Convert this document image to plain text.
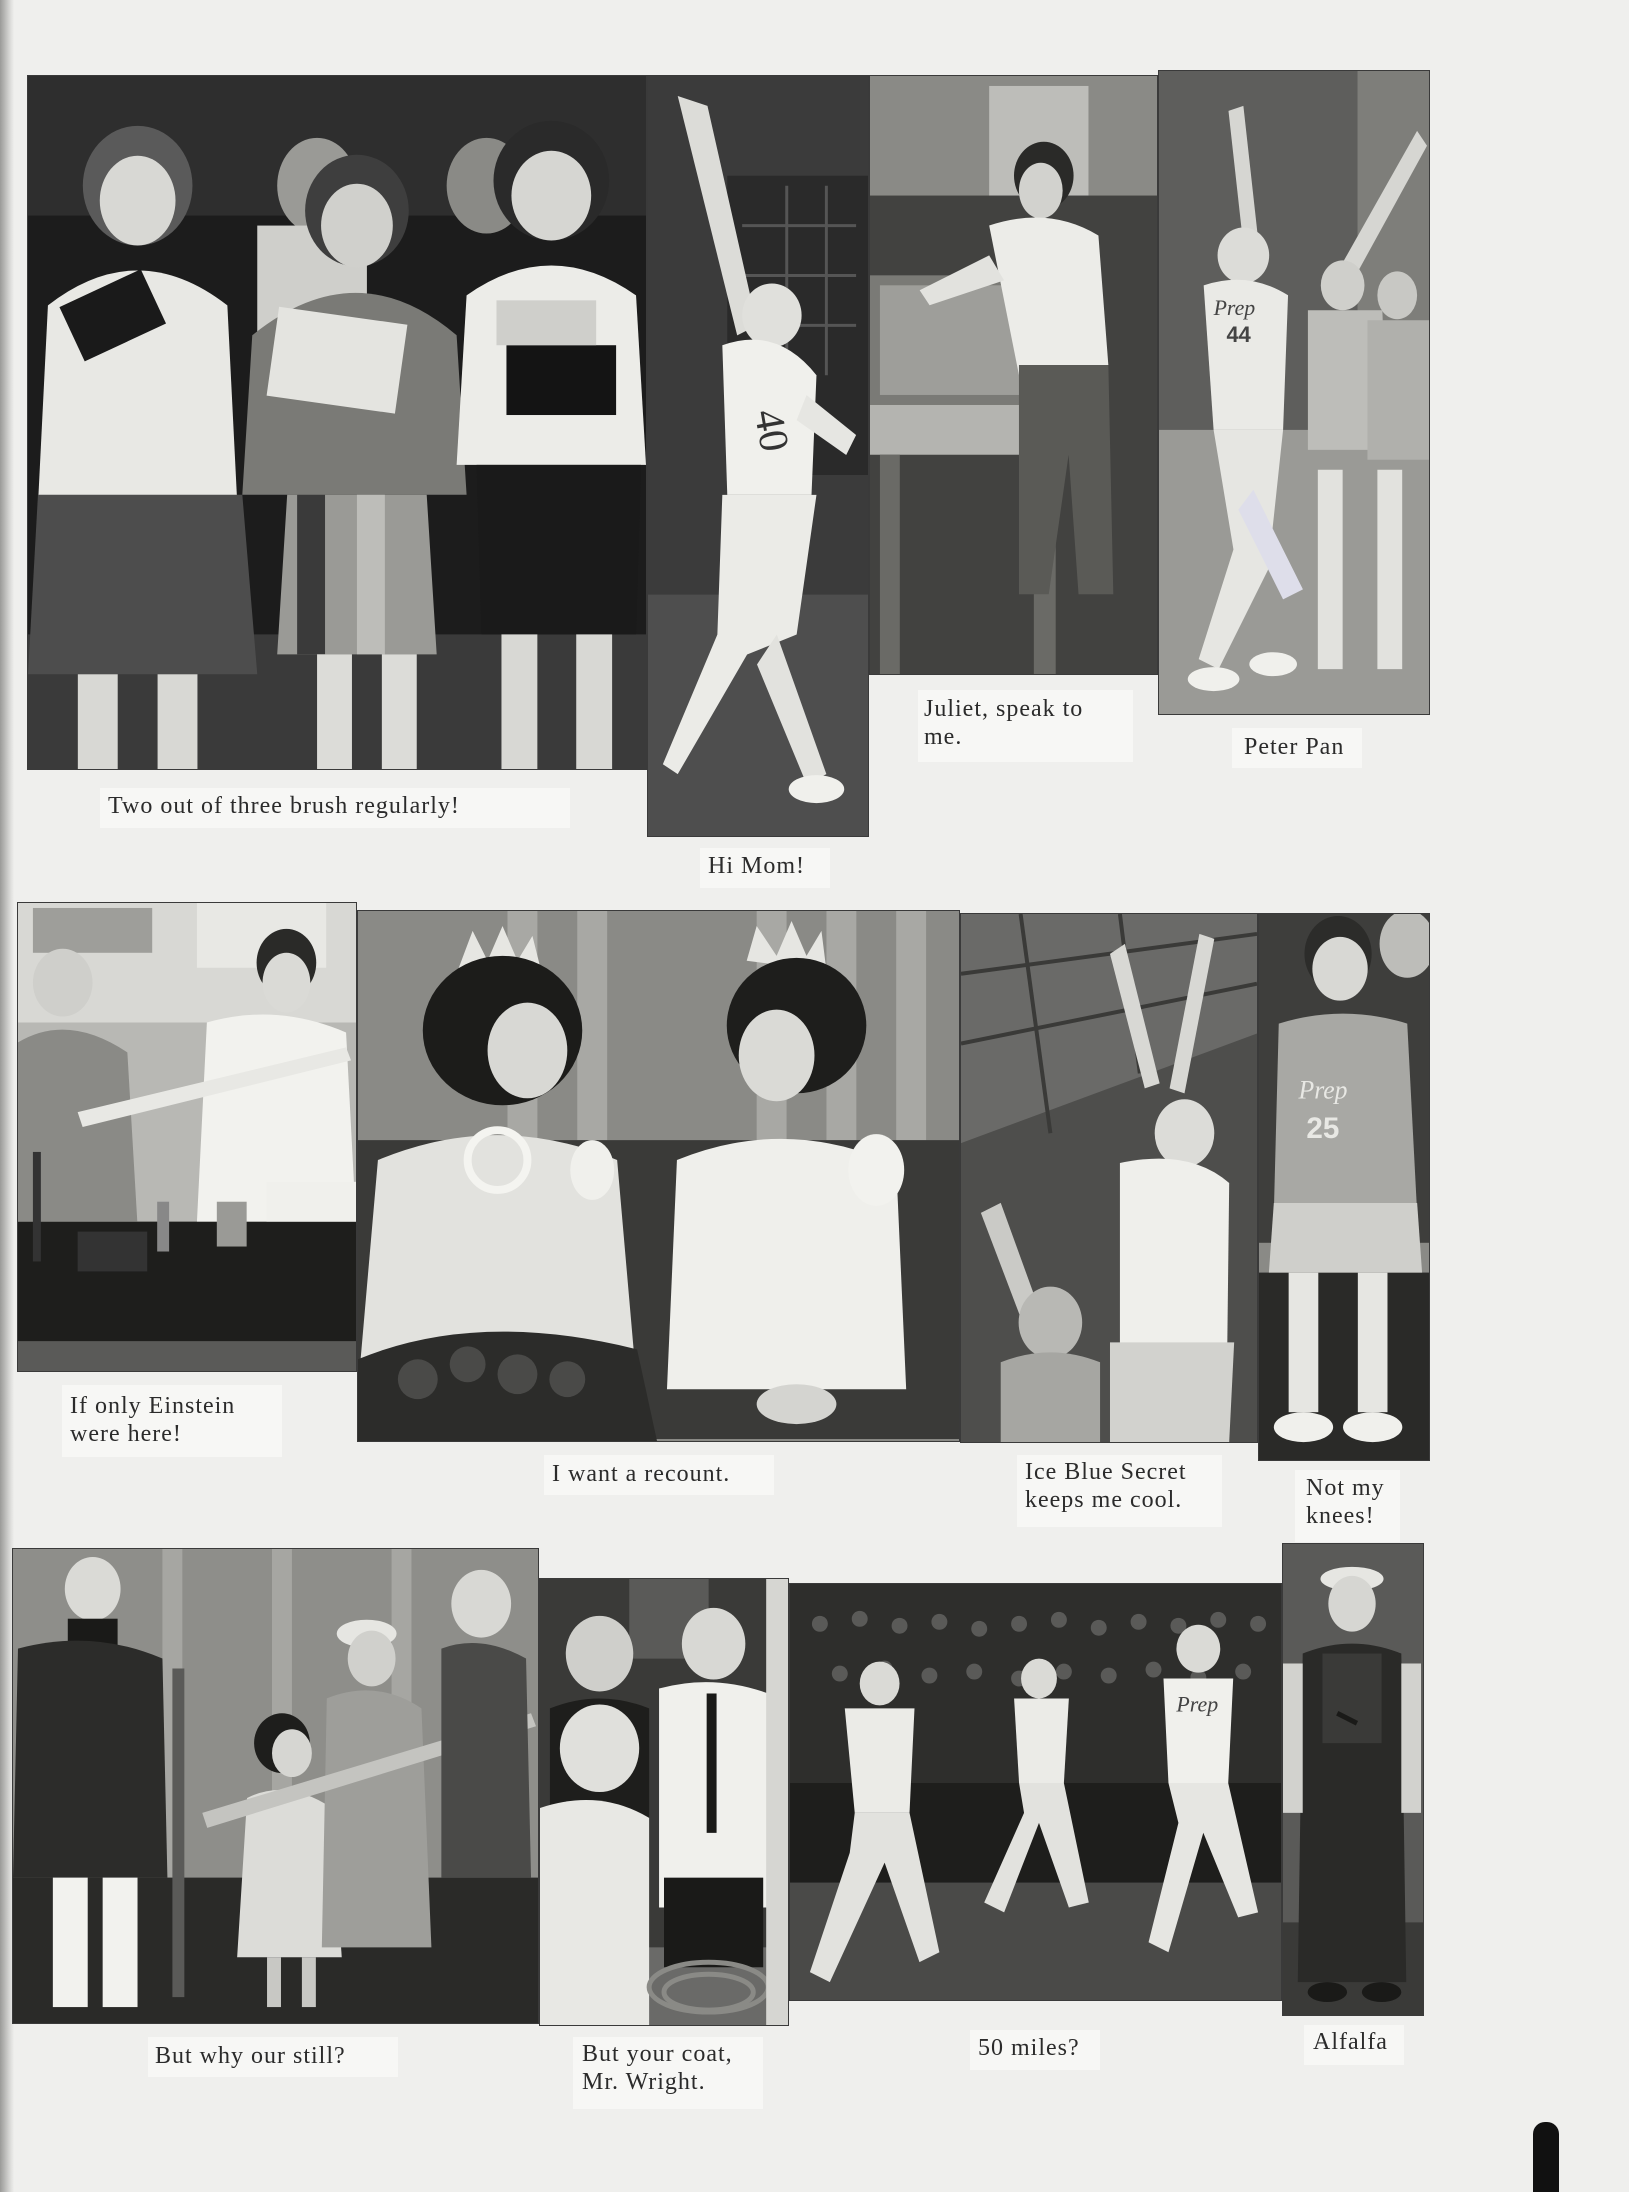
Two out of three brush regularly!
40
Hi Mom!
Juliet, speak to
me.
Prep
44
Peter Pan
If only Einstein
were here!
I want a recount.	Ice Blue Secret
keeps me cool.
Prep
25
Not my
knees!
But why our still?	But your coat,
Mr. Wright.
Prep
50 miles?	Alfalfa
